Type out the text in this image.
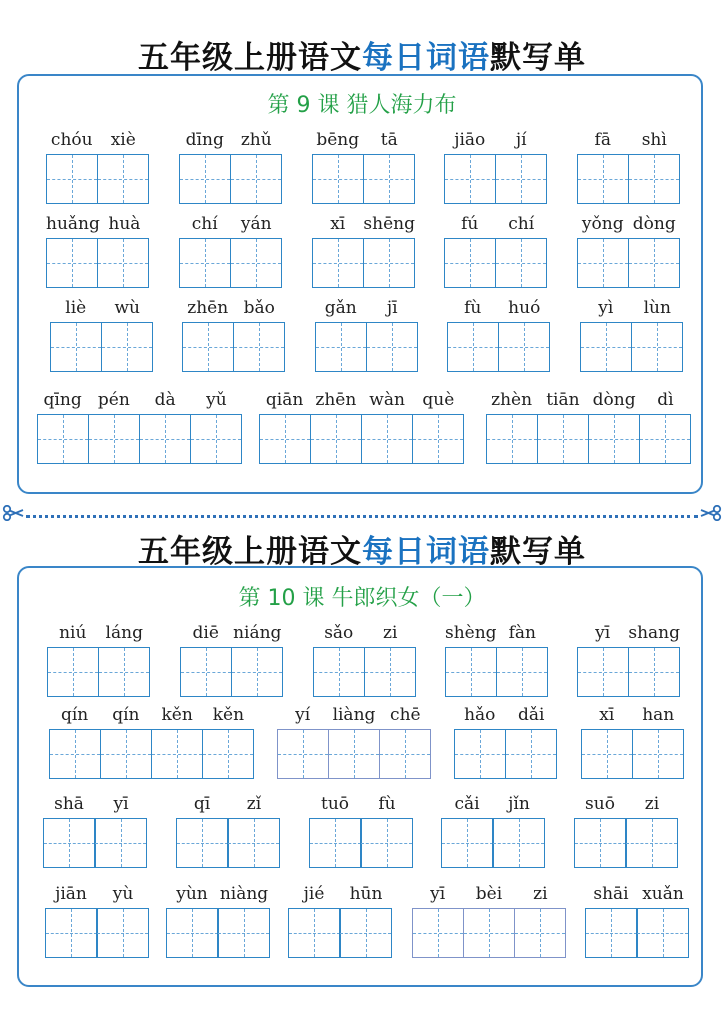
五年级上册语文每日词语默写单
第 9 课 猎人海力布
chóu	xiè	dīng zhǔ	bēng	tā	jiāo	jí	fā	shì
huǎng huà	chí	yán	xī	shēng	fú	chí	yǒng dòng
liè	wù	zhēn bǎo	gǎn	jī	fù	huó	yì	lùn
qīng pén	dà	yǔ	qiān zhēn wàn	què	zhèn tiān dòng	dì
五年级上册语文每日词语默写单
第 10 课 牛郎织女（一）
niú	láng	diē niáng	sǎo	zi	shèng fàn	yī	shang
qín	qín	kěn	kěn	yí	liàng chē	hǎo	dǎi	xī	han
shā	yī	qī	zǐ	tuō	fù	cǎi	jǐn	suō	zi
jiān	yù	yùn niàng	jié	hūn	yī	bèi	zi	shāi xuǎn
